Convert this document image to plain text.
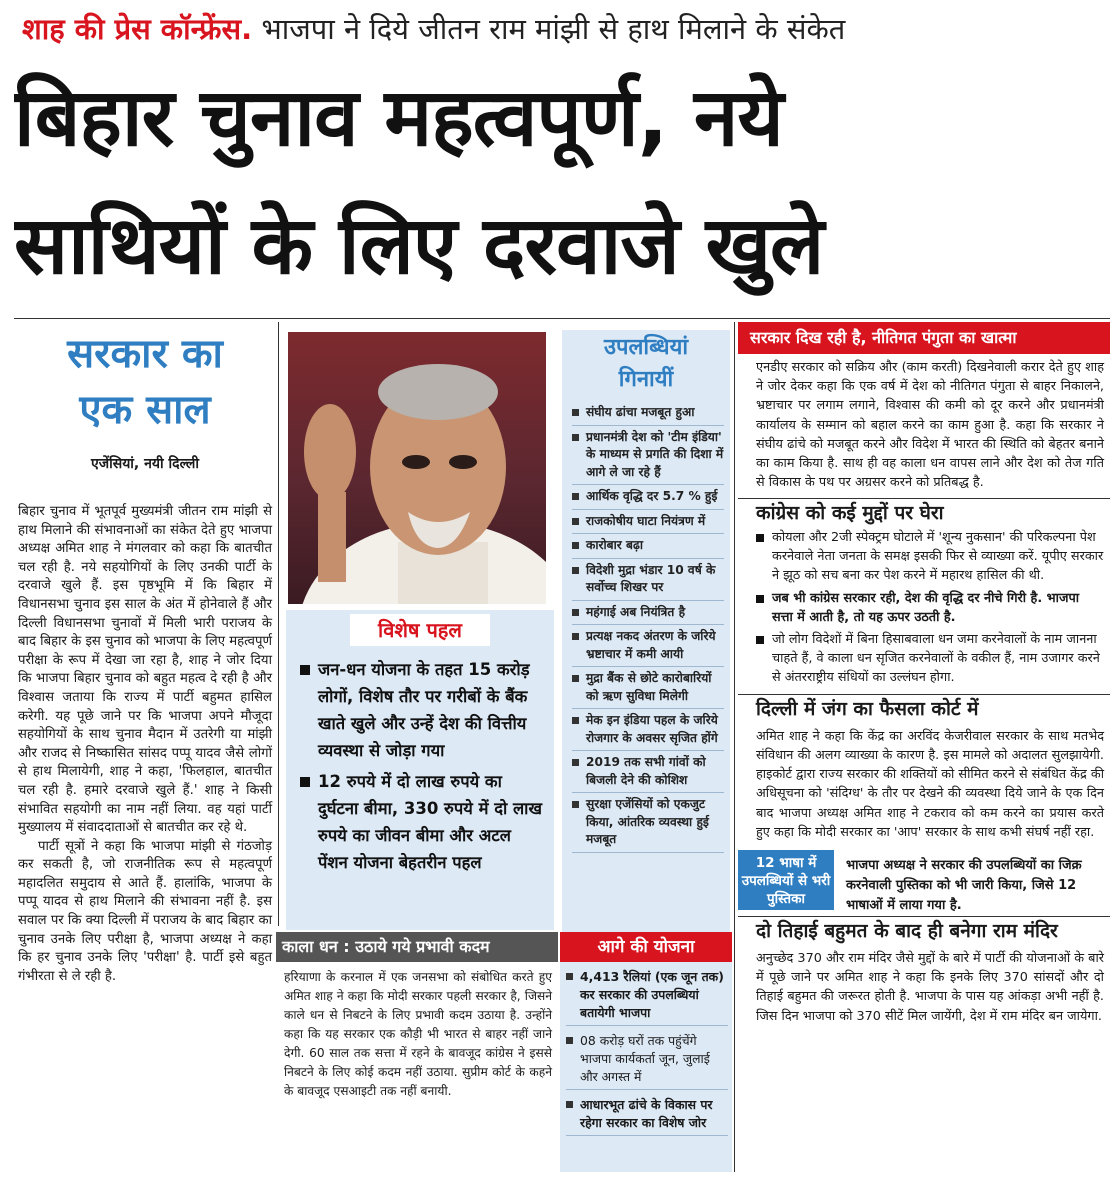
शाह की प्रेस कॉन्फ्रेंस. भाजपा ने दिये जीतन राम मांझी से हाथ मिलाने के संकेत
बिहार चुनाव महत्वपूर्ण, नये
साथियों के लिए दरवाजे खुले
सरकार का
एक साल
एजेंसियां, नयी दिल्ली

बिहार चुनाव में भूतपूर्व मुख्यमंत्री जीतन राम मांझी से हाथ मिलाने की संभावनाओं का संकेत देते हुए भाजपा अध्यक्ष अमित शाह ने मंगलवार को कहा कि बातचीत चल रही है. नये सहयोगियों के लिए उनकी पार्टी के दरवाजे खुले हैं. इस पृष्ठभूमि में कि बिहार में विधानसभा चुनाव इस साल के अंत में होनेवाले हैं और दिल्ली विधानसभा चुनावों में मिली भारी पराजय के बाद बिहार के इस चुनाव को भाजपा के लिए महत्वपूर्ण परीक्षा के रूप में देखा जा रहा है, शाह ने जोर दिया कि भाजपा बिहार चुनाव को बहुत महत्व दे रही है और विश्वास जताया कि राज्य में पार्टी बहुमत हासिल करेगी. यह पूछे जाने पर कि भाजपा अपने मौजूदा सहयोगियों के साथ चुनाव मैदान में उतरेगी या मांझी और राजद से निष्कासित सांसद पप्पू यादव जैसे लोगों से हाथ मिलायेगी, शाह ने कहा, 'फिलहाल, बातचीत चल रही है. हमारे दरवाजे खुले हैं.' शाह ने किसी संभावित सहयोगी का नाम नहीं लिया. वह यहां पार्टी मुख्यालय में संवाददाताओं से बातचीत कर रहे थे.

पार्टी सूत्रों ने कहा कि भाजपा मांझी से गंठजोड़ कर सकती है, जो राजनीतिक रूप से महत्वपूर्ण महादलित समुदाय से आते हैं. हालांकि, भाजपा के पप्पू यादव से हाथ मिलाने की संभावना नहीं है. इस सवाल पर कि क्या दिल्ली में पराजय के बाद बिहार का चुनाव उनके लिए परीक्षा है, भाजपा अध्यक्ष ने कहा कि हर चुनाव उनके लिए 'परीक्षा' है. पार्टी इसे बहुत गंभीरता से ले रही है.

विशेष पहल
जन-धन योजना के तहत 15 करोड़ लोगों, विशेष तौर पर गरीबों के बैंक खाते खुले और उन्हें देश की वित्तीय व्यवस्था से जोड़ा गया
12 रुपये में दो लाख रुपये का दुर्घटना बीमा, 330 रुपये में दो लाख रुपये का जीवन बीमा और अटल पेंशन योजना बेहतरीन पहल
उपलब्धियां
गिनायीं
संघीय ढांचा मजबूत हुआ
प्रधानमंत्री देश को 'टीम इंडिया' के माध्यम से प्रगति की दिशा में आगे ले जा रहे हैं
आर्थिक वृद्धि दर 5.7 % हुई
राजकोषीय घाटा नियंत्रण में
कारोबार बढ़ा
विदेशी मुद्रा भंडार 10 वर्ष के सर्वोच्च शिखर पर
महंगाई अब नियंत्रित है
प्रत्यक्ष नकद अंतरण के जरिये भ्रष्टाचार में कमी आयी
मुद्रा बैंक से छोटे कारोबारियों को ऋण सुविधा मिलेगी
मेक इन इंडिया पहल के जरिये रोजगार के अवसर सृजित होंगे
2019 तक सभी गांवों को बिजली देने की कोशिश
सुरक्षा एजेंसियों को एकजुट किया, आंतरिक व्यवस्था हुई मजबूत
सरकार दिख रही है, नीतिगत पंगुता का खात्मा
एनडीए सरकार को सक्रिय और (काम करती) दिखनेवाली करार देते हुए शाह ने जोर देकर कहा कि एक वर्ष में देश को नीतिगत पंगुता से बाहर निकालने, भ्रष्टाचार पर लगाम लगाने, विश्वास की कमी को दूर करने और प्रधानमंत्री कार्यालय के सम्मान को बहाल करने का काम हुआ है. कहा कि सरकार ने संघीय ढांचे को मजबूत करने और विदेश में भारत की स्थिति को बेहतर बनाने का काम किया है. साथ ही वह काला धन वापस लाने और देश को तेज गति से विकास के पथ पर अग्रसर करने को प्रतिबद्ध है.
कांग्रेस को कई मुद्दों पर घेरा
कोयला और 2जी स्पेक्ट्रम घोटाले में 'शून्य नुकसान' की परिकल्पना पेश करनेवाले नेता जनता के समक्ष इसकी फिर से व्याख्या करें. यूपीए सरकार ने झूठ को सच बना कर पेश करने में महारथ हासिल की थी.
जब भी कांग्रेस सरकार रही, देश की वृद्धि दर नीचे गिरी है. भाजपा सत्ता में आती है, तो यह ऊपर उठती है.
जो लोग विदेशों में बिना हिसाबवाला धन जमा करनेवालों के नाम जानना चाहते हैं, वे काला धन सृजित करनेवालों के वकील हैं, नाम उजागर करने से अंतरराष्ट्रीय संधियों का उल्लंघन होगा.
दिल्ली में जंग का फैसला कोर्ट में
अमित शाह ने कहा कि केंद्र का अरविंद केजरीवाल सरकार के साथ मतभेद संविधान की अलग व्याख्या के कारण है. इस मामले को अदालत सुलझायेगी. हाइकोर्ट द्वारा राज्य सरकार की शक्तियों को सीमित करने से संबंधित केंद्र की अधिसूचना को 'संदिग्ध' के तौर पर देखने की व्यवस्था दिये जाने के एक दिन बाद भाजपा अध्यक्ष अमित शाह ने टकराव को कम करने का प्रयास करते हुए कहा कि मोदी सरकार का 'आप' सरकार के साथ कभी संघर्ष नहीं रहा.
12 भाषा में उपलब्धियों से भरी पुस्तिका
भाजपा अध्यक्ष ने सरकार की उपलब्धियों का जिक्र करनेवाली पुस्तिका को भी जारी किया, जिसे 12 भाषाओं में लाया गया है.
दो तिहाई बहुमत के बाद ही बनेगा राम मंदिर
अनुच्छेद 370 और राम मंदिर जैसे मुद्दों के बारे में पार्टी की योजनाओं के बारे में पूछे जाने पर अमित शाह ने कहा कि इनके लिए 370 सांसदों और दो तिहाई बहुमत की जरूरत होती है. भाजपा के पास यह आंकड़ा अभी नहीं है. जिस दिन भाजपा को 370 सीटें मिल जायेंगी, देश में राम मंदिर बन जायेगा.
काला धन : उठाये गये प्रभावी कदम
हरियाणा के करनाल में एक जनसभा को संबोधित करते हुए अमित शाह ने कहा कि मोदी सरकार पहली सरकार है, जिसने काले धन से निबटने के लिए प्रभावी कदम उठाया है. उन्होंने कहा कि यह सरकार एक कौड़ी भी भारत से बाहर नहीं जाने देगी. 60 साल तक सत्ता में रहने के बावजूद कांग्रेस ने इससे निबटने के लिए कोई कदम नहीं उठाया. सुप्रीम कोर्ट के कहने के बावजूद एसआइटी तक नहीं बनायी.
आगे की योजना
4,413 रैलियां (एक जून तक) कर सरकार की उपलब्धियां बतायेगी भाजपा
08 करोड़ घरों तक पहुंचेंगे भाजपा कार्यकर्ता जून, जुलाई और अगस्त में
आधारभूत ढांचे के विकास पर रहेगा सरकार का विशेष जोर
